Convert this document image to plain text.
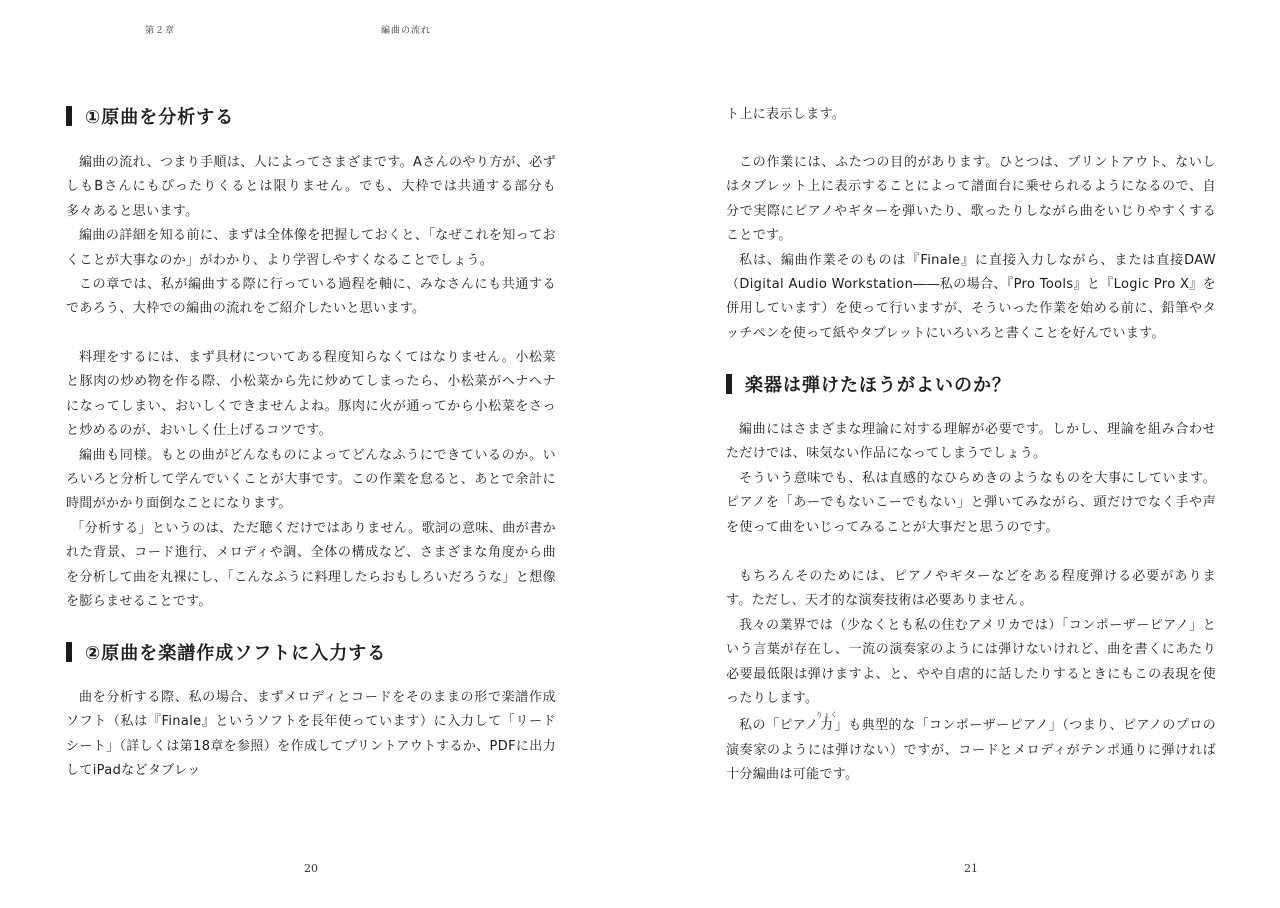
第２章	編曲の流れ
①原曲を分析する

編曲の流れ、つまり手順は、人によってさまざまです。Aさんのやり方が、必ずしもBさんにもぴったりくるとは限りません。でも、大枠では共通する部分も多々あると思います。

編曲の詳細を知る前に、まずは全体像を把握しておくと、「なぜこれを知っておくことが大事なのか」がわかり、より学習しやすくなることでしょう。

この章では、私が編曲する際に行っている過程を軸に、みなさんにも共通するであろう、大枠での編曲の流れをご紹介したいと思います。

料理をするには、まず具材についてある程度知らなくてはなりません。小松菜と豚肉の炒め物を作る際、小松菜から先に炒めてしまったら、小松菜がヘナヘナになってしまい、おいしくできませんよね。豚肉に火が通ってから小松菜をさっと炒めるのが、おいしく仕上げるコツです。

編曲も同様。もとの曲がどんなものによってどんなふうにできているのか。いろいろと分析して学んでいくことが大事です。この作業を怠ると、あとで余計に時間がかかり面倒なことになります。

「分析する」というのは、ただ聴くだけではありません。歌詞の意味、曲が書かれた背景、コード進行、メロディや調、全体の構成など、さまざまな角度から曲を分析して曲を丸裸にし、「こんなふうに料理したらおもしろいだろうな」と想像を膨らませることです。

②原曲を楽譜作成ソフトに入力する

曲を分析する際、私の場合、まずメロディとコードをそのままの形で楽譜作成ソフト（私は『Finale』というソフトを長年使っています）に入力して「リードシート」（詳しくは第18章を参照）を作成してプリントアウトするか、PDFに出力してiPadなどタブレッ

20

ト上に表示します。

この作業には、ふたつの目的があります。ひとつは、プリントアウト、ないしはタブレット上に表示することによって譜面台に乗せられるようになるので、自分で実際にピアノやギターを弾いたり、歌ったりしながら曲をいじりやすくすることです。

私は、編曲作業そのものは『Finale』に直接入力しながら、または直接DAW（Digital Audio Workstation――私の場合、『Pro Tools』と『Logic Pro X』を併用しています）を使って行いますが、そういった作業を始める前に、鉛筆やタッチペンを使って紙やタブレットにいろいろと書くことを好んでいます。

楽器は弾けたほうがよいのか？

編曲にはさまざまな理論に対する理解が必要です。しかし、理論を組み合わせただけでは、味気ない作品になってしまうでしょう。

そういう意味でも、私は直感的なひらめきのようなものを大事にしています。ピアノを「あーでもないこーでもない」と弾いてみながら、頭だけでなく手や声を使って曲をいじってみることが大事だと思うのです。

もちろんそのためには、ピアノやギターなどをある程度弾ける必要があります。ただし、天才的な演奏技術は必要ありません。

我々の業界では（少なくとも私の住むアメリカでは）「コンポーザーピアノ」という言葉が存在し、一流の演奏家のようには弾けないけれど、曲を書くにあたり必要最低限は弾けますよ、と、やや自虐的に話したりするときにもこの表現を使ったりします。

私の「ピアノ力りょく」も典型的な「コンポーザーピアノ」（つまり、ピアノのプロの演奏家のようには弾けない）ですが、コードとメロディがテンポ通りに弾ければ十分編曲は可能です。

21
